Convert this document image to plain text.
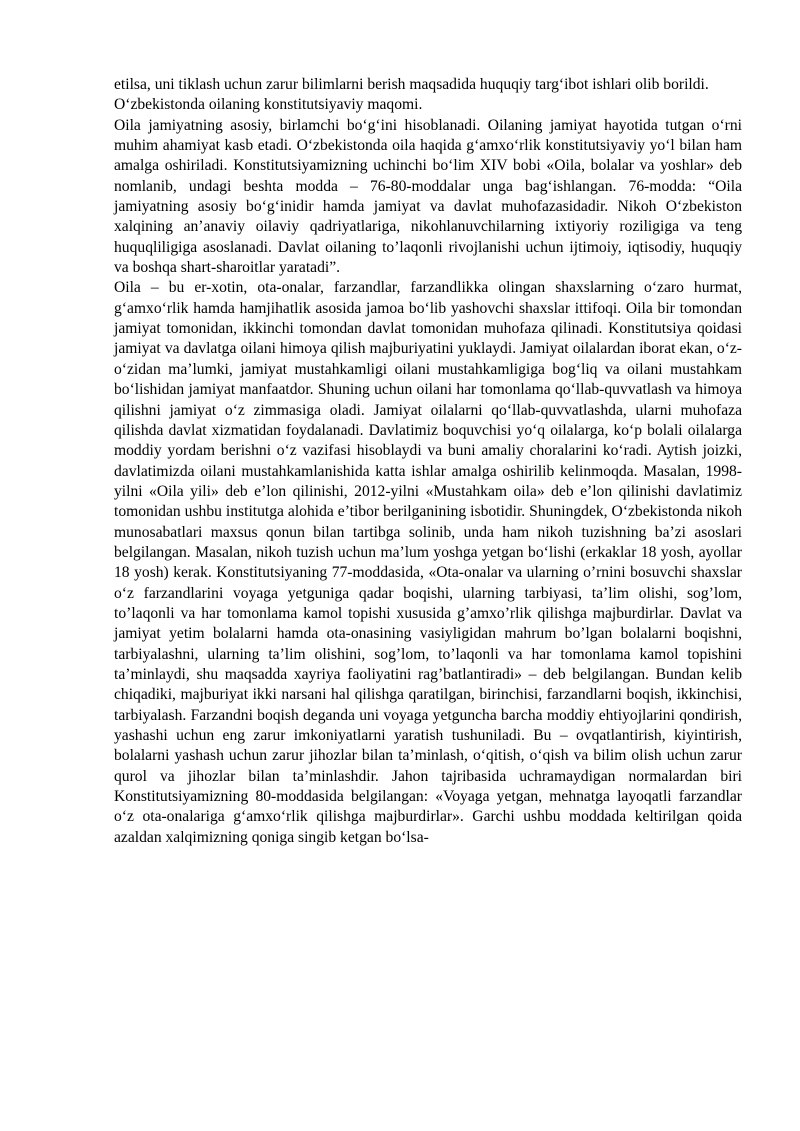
etilsa, uni tiklash uchun zarur bilimlarni berish maqsadida huquqiy targ‘ibot ishlari olib borildi.

O‘zbekistonda oilaning konstitutsiyaviy maqomi.

Oila jamiyatning asosiy, birlamchi bo‘g‘ini hisoblanadi. Oilaning jamiyat hayotida tutgan o‘rni muhim ahamiyat kasb etadi. O‘zbekistonda oila haqida g‘amxo‘rlik konstitutsiyaviy yo‘l bilan ham amalga oshiriladi. Konstitutsiyamizning uchinchi bo‘lim XIV bobi «Oila, bolalar va yoshlar» deb nomlanib, undagi beshta modda – 76-80-moddalar unga bag‘ishlangan. 76-modda: “Oila jamiyatning asosiy bo‘g‘inidir hamda jamiyat va davlat muhofazasidadir. Nikoh O‘zbekiston xalqining an’anaviy oilaviy qadriyatlariga, nikohlanuvchilarning ixtiyoriy roziligiga va teng huquqliligiga asoslanadi. Davlat oilaning to’laqonli rivojlanishi uchun ijtimoiy, iqtisodiy, huquqiy va boshqa shart-sharoitlar yaratadi”.

Oila – bu er-xotin, ota-onalar, farzandlar, farzandlikka olingan shaxslarning o‘zaro hurmat, g‘amxo‘rlik hamda hamjihatlik asosida jamoa bo‘lib yashovchi shaxslar ittifoqi. Oila bir tomondan jamiyat tomonidan, ikkinchi tomondan davlat tomonidan muhofaza qilinadi. Konstitutsiya qoidasi jamiyat va davlatga oilani himoya qilish majburiyatini yuklaydi. Jamiyat oilalardan iborat ekan, o‘z-o‘zidan ma’lumki, jamiyat mustahkamligi oilani mustahkamligiga bog‘liq va oilani mustahkam bo‘lishidan jamiyat manfaatdor. Shuning uchun oilani har tomonlama qo‘llab-quvvatlash va himoya qilishni jamiyat o‘z zimmasiga oladi. Jamiyat oilalarni qo‘llab-quvvatlashda, ularni muhofaza qilishda davlat xizmatidan foydalanadi. Davlatimiz boquvchisi yo‘q oilalarga, ko‘p bolali oilalarga moddiy yordam berishni o‘z vazifasi hisoblaydi va buni amaliy choralarini ko‘radi. Aytish joizki, davlatimizda oilani mustahkamlanishida katta ishlar amalga oshirilib kelinmoqda. Masalan, 1998-yilni «Oila yili» deb e’lon qilinishi, 2012-yilni «Mustahkam oila» deb e’lon qilinishi davlatimiz tomonidan ushbu institutga alohida e’tibor berilganining isbotidir. Shuningdek, O‘zbekistonda nikoh munosabatlari maxsus qonun bilan tartibga solinib, unda ham nikoh tuzishning ba’zi asoslari belgilangan. Masalan, nikoh tuzish uchun ma’lum yoshga yetgan bo‘lishi (erkaklar 18 yosh, ayollar 18 yosh) kerak. Konstitutsiyaning 77-moddasida, «Ota-onalar va ularning o’rnini bosuvchi shaxslar o‘z farzandlarini voyaga yetguniga qadar boqishi, ularning tarbiyasi, ta’lim olishi, sog’lom, to’laqonli va har tomonlama kamol topishi xususida g’amxo’rlik qilishga majburdirlar. Davlat va jamiyat yetim bolalarni hamda ota-onasining vasiyligidan mahrum bo’lgan bolalarni boqishni, tarbiyalashni, ularning ta’lim olishini, sog’lom, to’laqonli va har tomonlama kamol topishini ta’minlaydi, shu maqsadda xayriya faoliyatini rag’batlantiradi» – deb belgilangan. Bundan kelib chiqadiki, majburiyat ikki narsani hal qilishga qaratilgan, birinchisi, farzandlarni boqish, ikkinchisi, tarbiyalash. Farzandni boqish deganda uni voyaga yetguncha barcha moddiy ehtiyojlarini qondirish, yashashi uchun eng zarur imkoniyatlarni yaratish tushuniladi. Bu – ovqatlantirish, kiyintirish, bolalarni yashash uchun zarur jihozlar bilan ta’minlash, o‘qitish, o‘qish va bilim olish uchun zarur qurol va jihozlar bilan ta’minlashdir. Jahon tajribasida uchramaydigan normalardan biri Konstitutsiyamizning 80-moddasida belgilangan: «Voyaga yetgan, mehnatga layoqatli farzandlar o‘z ota-onalariga g‘amxo‘rlik qilishga majburdirlar». Garchi ushbu moddada keltirilgan qoida azaldan xalqimizning qoniga singib ketgan bo‘lsa-
